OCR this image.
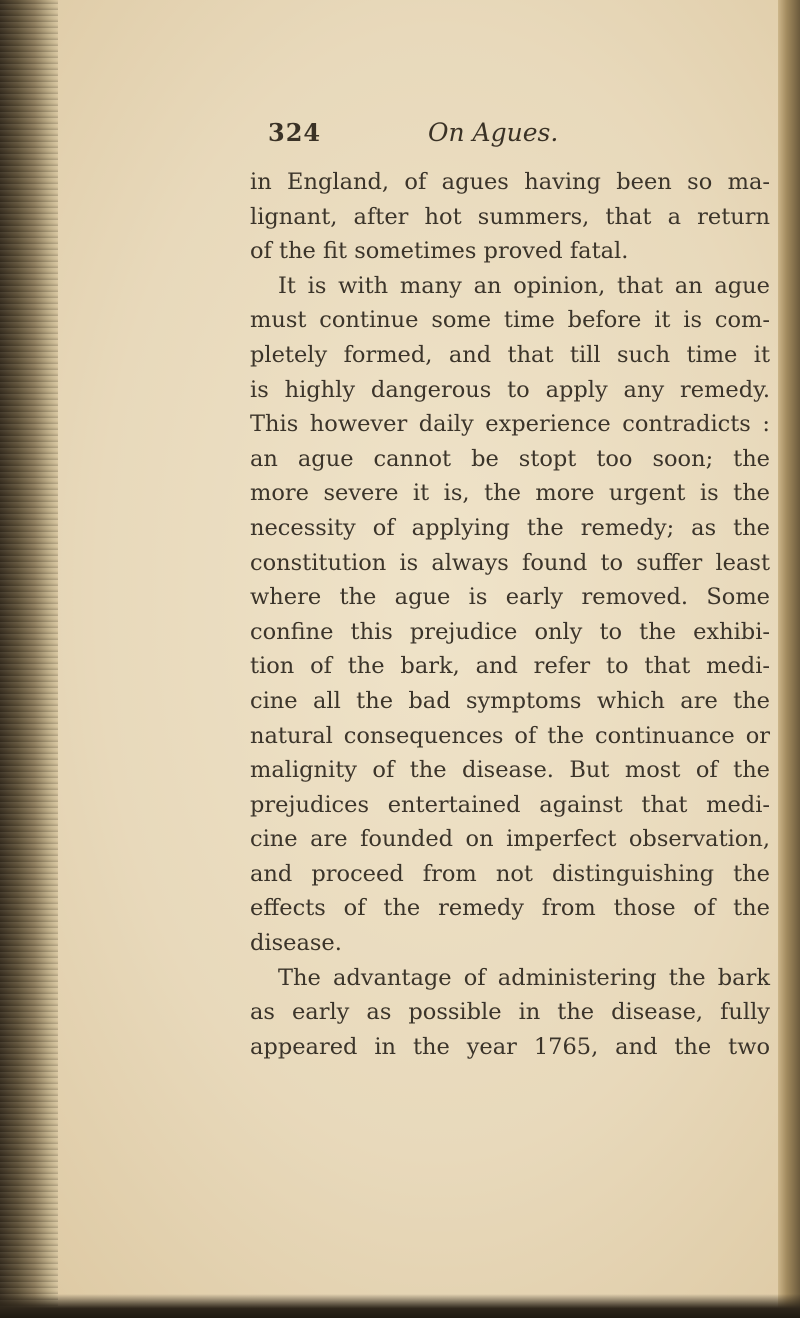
324	On Agues.
in England, of agues having been so ma-
lignant, after hot summers, that a return
of the fit sometimes proved fatal.
It is with many an opinion, that an ague
must continue some time before it is com-
pletely formed, and that till such time it
is highly dangerous to apply any remedy.
This however daily experience contradicts :
an ague cannot be stopt too soon; the
more severe it is, the more urgent is the
necessity of applying the remedy; as the
constitution is always found to suffer least
where the ague is early removed. Some
confine this prejudice only to the exhibi-
tion of the bark, and refer to that medi-
cine all the bad symptoms which are the
natural consequences of the continuance or
malignity of the disease. But most of the
prejudices entertained against that medi-
cine are founded on imperfect observation,
and proceed from not distinguishing the
effects of the remedy from those of the
disease.
The advantage of administering the bark
as early as possible in the disease, fully
appeared in the year 1765, and the two
